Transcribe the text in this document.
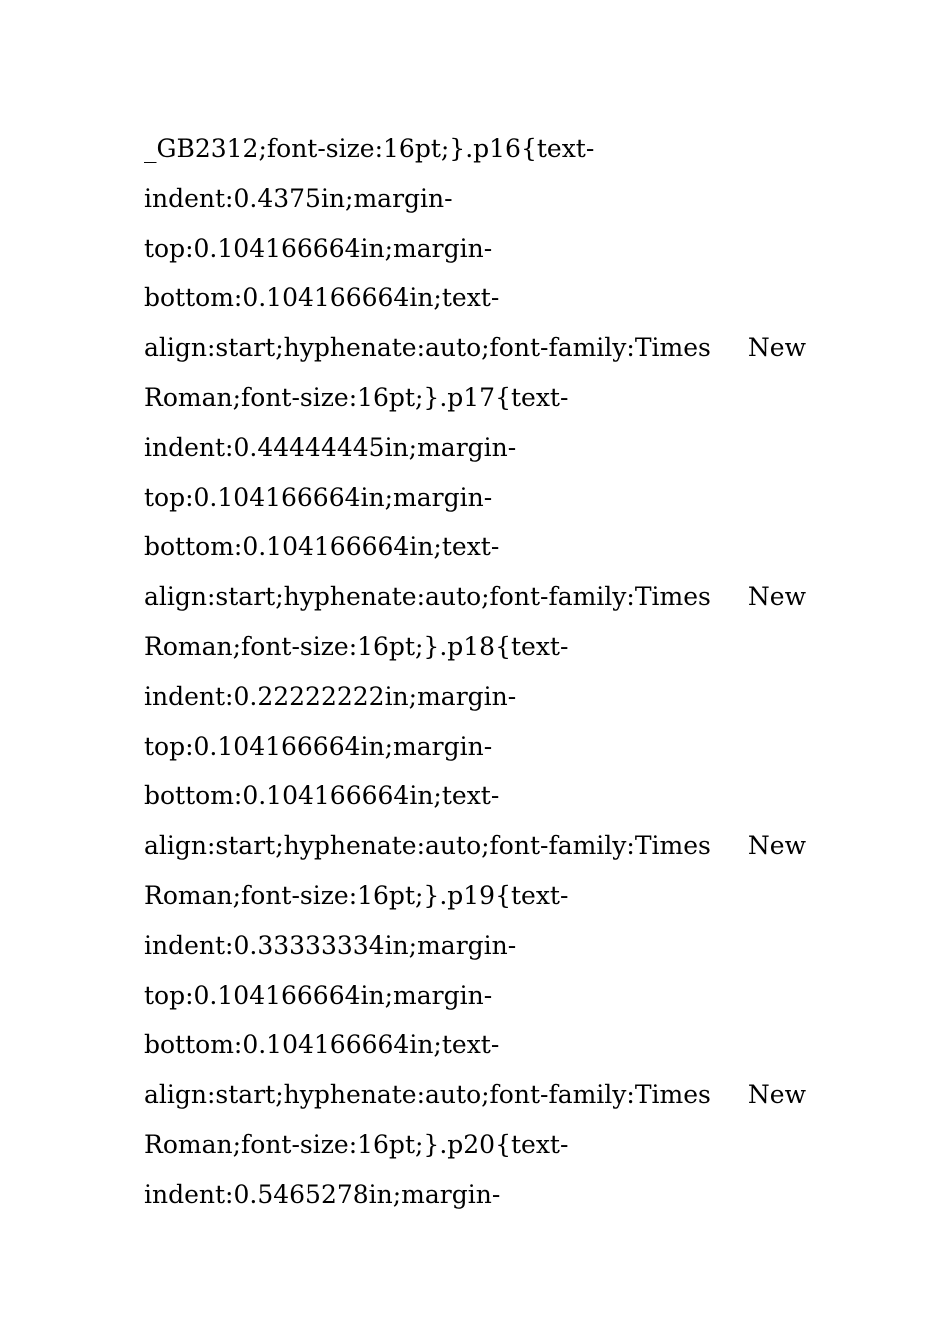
_GB2312;font-size:16pt;}.p16{text-
indent:0.4375in;margin-
top:0.104166664in;margin-
bottom:0.104166664in;text-
align:start;hyphenate:auto;font-family:Times New
Roman;font-size:16pt;}.p17{text-
indent:0.44444445in;margin-
top:0.104166664in;margin-
bottom:0.104166664in;text-
align:start;hyphenate:auto;font-family:Times New
Roman;font-size:16pt;}.p18{text-
indent:0.22222222in;margin-
top:0.104166664in;margin-
bottom:0.104166664in;text-
align:start;hyphenate:auto;font-family:Times New
Roman;font-size:16pt;}.p19{text-
indent:0.33333334in;margin-
top:0.104166664in;margin-
bottom:0.104166664in;text-
align:start;hyphenate:auto;font-family:Times New
Roman;font-size:16pt;}.p20{text-
indent:0.5465278in;margin-
